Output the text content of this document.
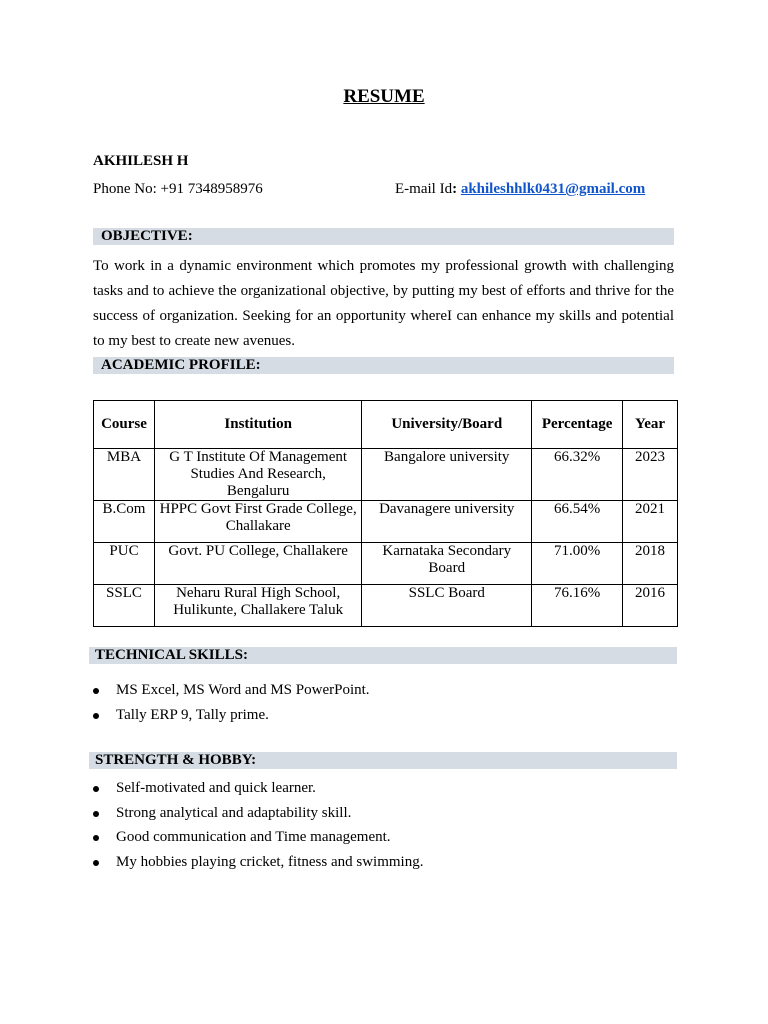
RESUME
AKHILESH H
Phone No: +91 7348958976	E-mail Id: akhileshhlk0431@gmail.com
OBJECTIVE:
To work in a dynamic environment which promotes my professional growth with challenging tasks and to achieve the organizational objective, by putting my best of efforts and thrive for the success of organization. Seeking for an opportunity whereI can enhance my skills and potential to my best to create new avenues.
ACADEMIC PROFILE:
Course	Institution	University/Board	Percentage	Year
MBA	G T Institute Of Management Studies And Research, Bengaluru	Bangalore university	66.32%	2023
B.Com	HPPC Govt First Grade College, Challakare	Davanagere university	66.54%	2021
PUC	Govt. PU College, Challakere	Karnataka Secondary Board	71.00%	2018
SSLC	Neharu Rural High School, Hulikunte, Challakere Taluk	SSLC Board	76.16%	2016
TECHNICAL SKILLS:
MS Excel, MS Word and MS PowerPoint.
Tally ERP 9, Tally prime.
STRENGTH & HOBBY:
Self-motivated and quick learner.
Strong analytical and adaptability skill.
Good communication and Time management.
My hobbies playing cricket, fitness and swimming.
